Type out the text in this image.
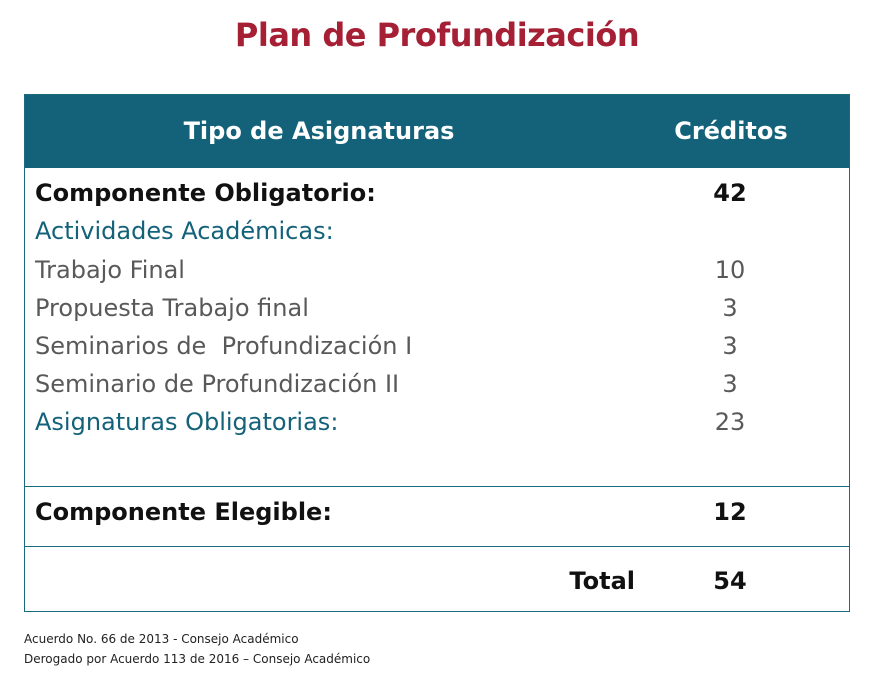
Plan de Profundización
Tipo de Asignaturas	Créditos
Componente Obligatorio:	42
Actividades Académicas:
Trabajo Final	10
Propuesta Trabajo final	3
Seminarios de  Profundización I	3
Seminario de Profundización II	3
Asignaturas Obligatorias:	23
Componente Elegible:	12
Total	54
Acuerdo No. 66 de 2013 - Consejo Académico
Derogado por Acuerdo 113 de 2016 – Consejo Académico
